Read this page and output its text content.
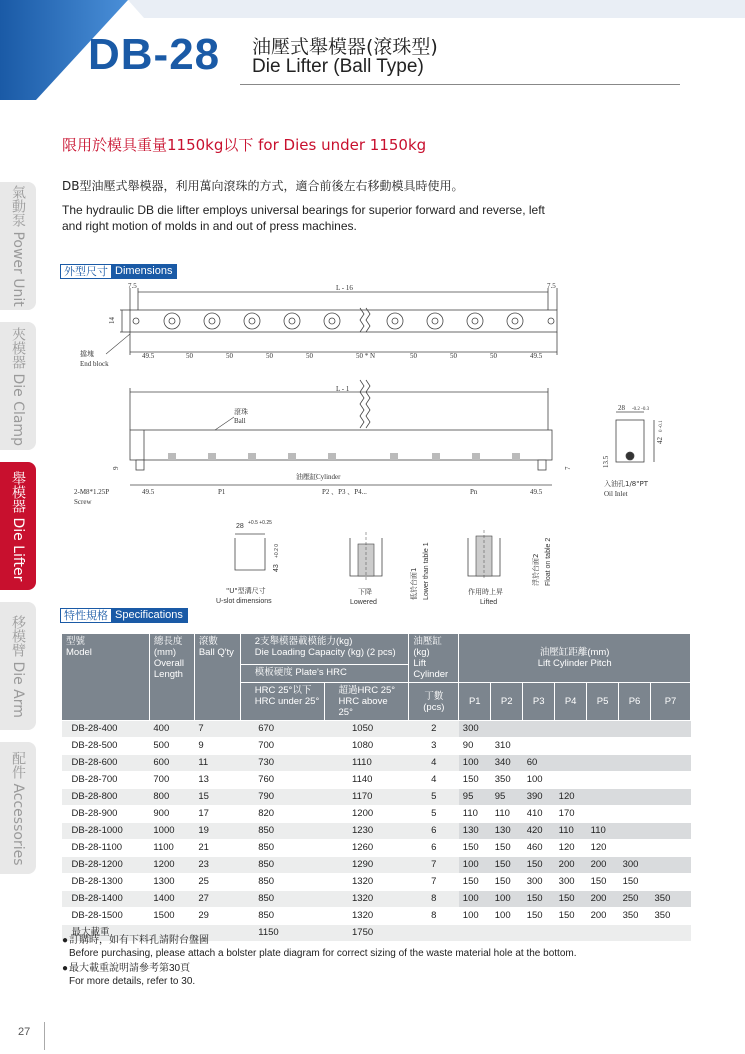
DB-28 油壓式舉模器(滾珠型)
Die Lifter (Ball Type)
限用於模具重量1150kg以下 for Dies under 1150kg
DB型油壓式舉模器，利用萬向滾珠的方式，適合前後左右移動模具時使用。
The hydraulic DB die lifter employs universal bearings for superior forward and reverse, left and right motion of molds in and out of press machines.
氣動泵 Power Unit
夾模器 Die Clamp
舉模器 Die Lifter
移模臂 Die Arm
配件 Accessories
外型尺寸 Dimensions
7.5	7.5
L - 16
14
擋塊
End block
49.5	50	50	50	50	50 * N	50	50	50	49.5
L - 1
滾珠
Ball
油壓缸 Cylinder
9	7
2-M8*1.25P
Screw
49.5	P1	P2 、P3 、P4...	Pn	49.5
28 -0.2 -0.3
42
0 -0.1
13.5
入油孔1/8"PT
Oil Inlet
28 +0.5 +0.25
43
+0.2 0
"U"型溝尺寸
U-slot dimensions
下降
Lowered
低於台面1 Lower than table 1	作用時上昇
Lifted
浮於台面2 Float on table 2
特性規格 Specifications
型號
Model	總長度
(mm)
Overall
Length	滾數
Ball Q'ty	2支舉模器載模能力(kg)
Die Loading Capacity (kg) (2 pcs)		油壓缸(kg)
Lift
Cylinder	油壓缸距離(mm)
Lift Cylinder Pitch						
			模板硬度 Plate's HRC									
			HRC 25°以下
HRC under 25°	超過HRC 25°
HRC above 25°	丁數
(pcs)	P1	P2	P3	P4	P5	P6	P7
DB-28-400	400	7	670	1050	2	300						
DB-28-500	500	9	700	1080	3	90	310					
DB-28-600	600	11	730	1110	4	100	340	60				
DB-28-700	700	13	760	1140	4	150	350	100				
DB-28-800	800	15	790	1170	5	95	95	390	120			
DB-28-900	900	17	820	1200	5	110	110	410	170			
DB-28-1000	1000	19	850	1230	6	130	130	420	110	110		
DB-28-1100	1100	21	850	1260	6	150	150	460	120	120		
DB-28-1200	1200	23	850	1290	7	100	150	150	200	200	300	
DB-28-1300	1300	25	850	1320	7	150	150	300	300	150	150	
DB-28-1400	1400	27	850	1320	8	100	100	150	150	200	250	350
DB-28-1500	1500	29	850	1320	8	100	100	150	150	200	350	350
最大載重			1150	1750								
●訂購時，如有下料孔請附台盤圖
Before purchasing, please attach a bolster plate diagram for correct sizing of the waste material hole at the bottom.
●最大載重說明請參考第30頁
For more details, refer to 30.
27
